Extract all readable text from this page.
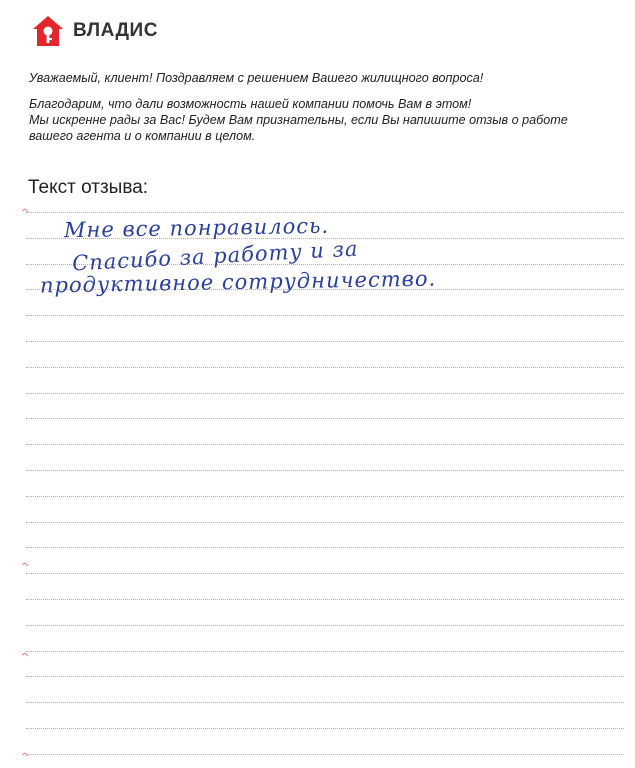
ВЛАДИС

Уважаемый, клиент! Поздравляем с решением Вашего жилищного вопроса!

Благодарим, что дали возможность нашей компании помочь Вам в этом!

Мы искренне рады за Вас! Будем Вам признательны, если Вы напишите отзыв о работе

вашего агента и о компании в целом.

Текст отзыва:
Мне все понравилось.
Спасибо за работу и за
продуктивное сотрудничество.
